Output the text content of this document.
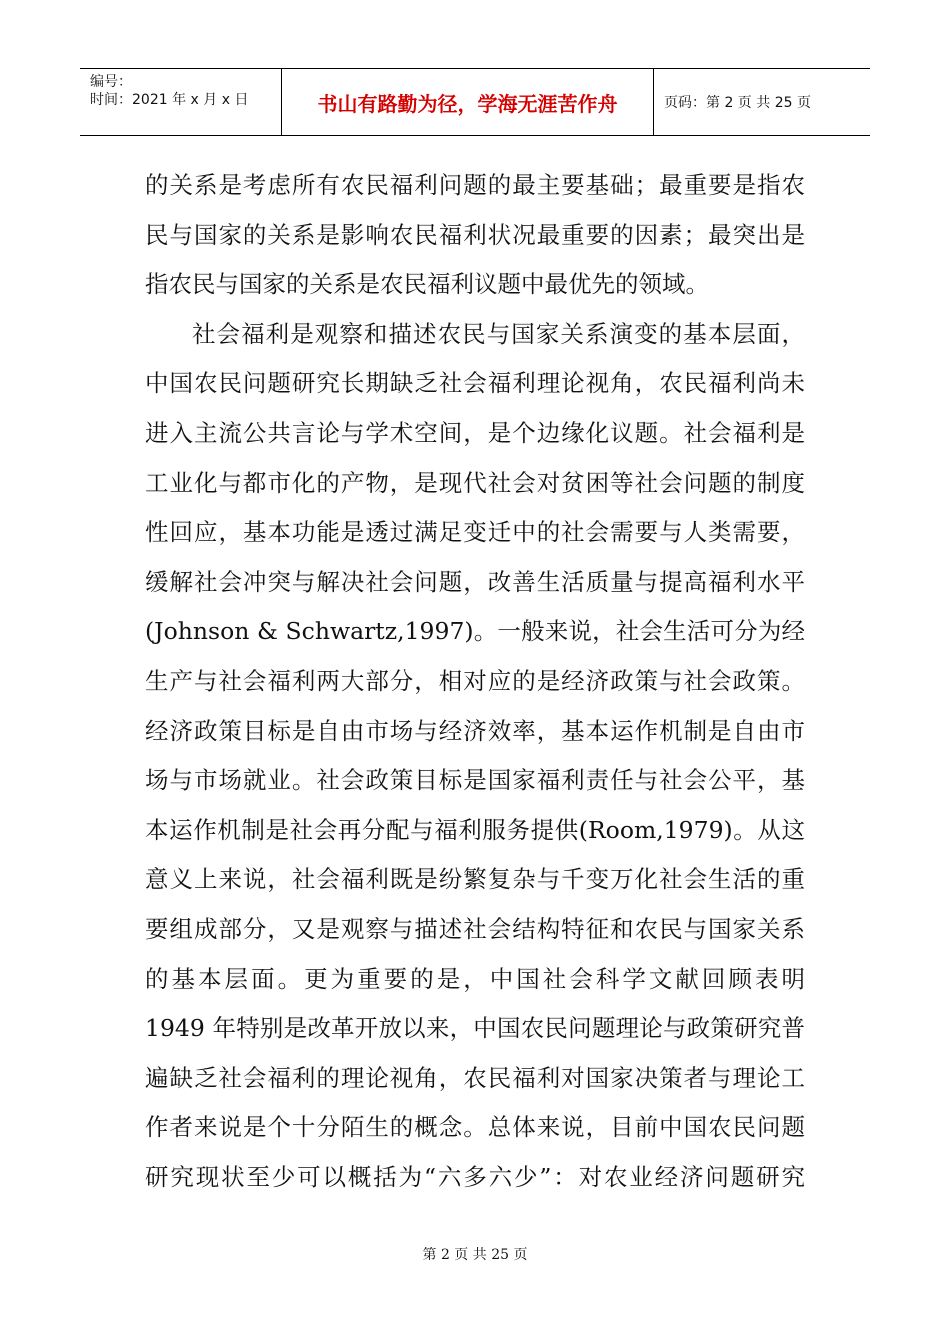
编号：
时间：2021 年 x 月 x 日	书山有路勤为径，学海无涯苦作舟	页码：第 2 页 共 25 页
的关系是考虑所有农民福利问题的最主要基础；最重要是指农
民与国家的关系是影响农民福利状况最重要的因素；最突出是
指农民与国家的关系是农民福利议题中最优先的领域。
社会福利是观察和描述农民与国家关系演变的基本层面，
中国农民问题研究长期缺乏社会福利理论视角，农民福利尚未
进入主流公共言论与学术空间，是个边缘化议题。社会福利是
工业化与都市化的产物，是现代社会对贫困等社会问题的制度
性回应，基本功能是透过满足变迁中的社会需要与人类需要，
缓解社会冲突与解决社会问题，改善生活质量与提高福利水平
(Johnson & Schwartz,1997)。一般来说，社会生活可分为经
生产与社会福利两大部分，相对应的是经济政策与社会政策。
经济政策目标是自由市场与经济效率，基本运作机制是自由市
场与市场就业。社会政策目标是国家福利责任与社会公平，基
本运作机制是社会再分配与福利服务提供(Room,1979)。从这
意义上来说，社会福利既是纷繁复杂与千变万化社会生活的重
要组成部分，又是观察与描述社会结构特征和农民与国家关系
的基本层面。更为重要的是，中国社会科学文献回顾表明
1949 年特别是改革开放以来，中国农民问题理论与政策研究普
遍缺乏社会福利的理论视角，农民福利对国家决策者与理论工
作者来说是个十分陌生的概念。总体来说，目前中国农民问题
研究现状至少可以概括为“六多六少”：对农业经济问题研究
第 2 页 共 25 页
